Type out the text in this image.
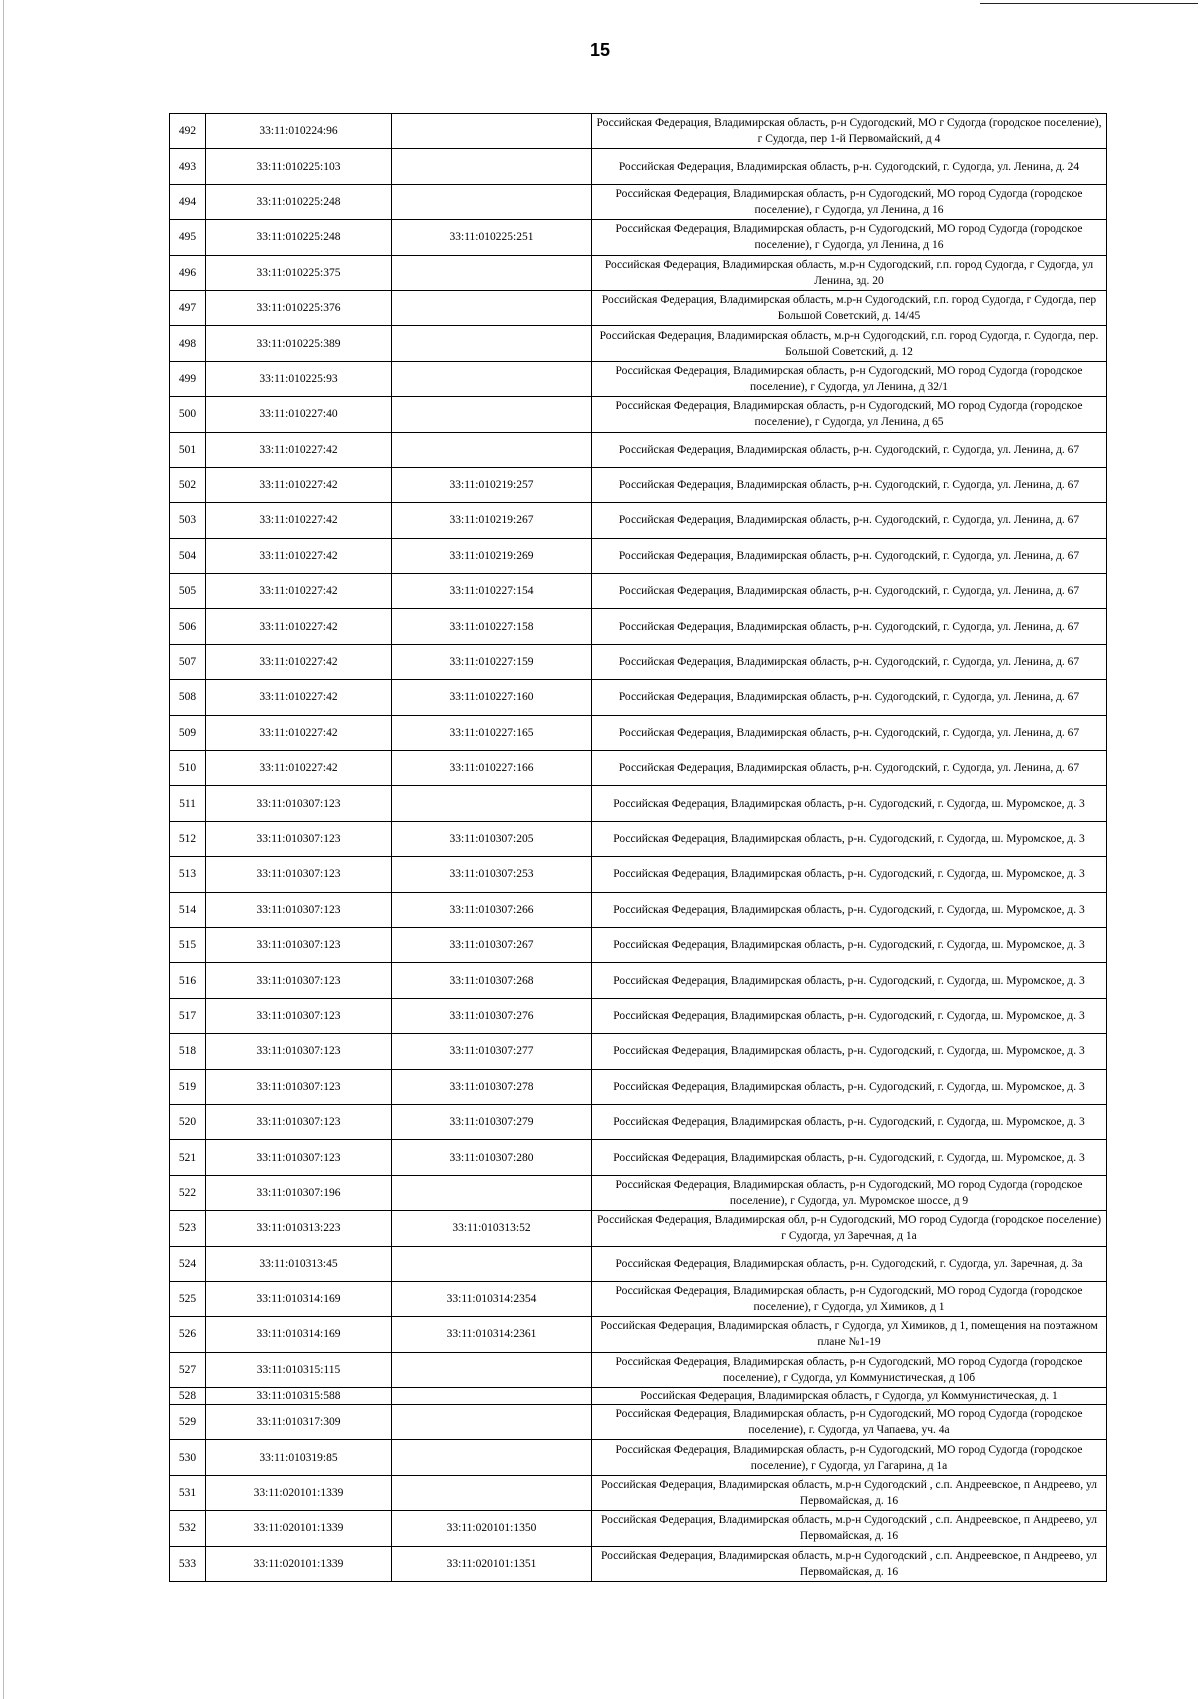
15
492	33:11:010224:96		Российская Федерация, Владимирская область, р-н Судогодский, МО г Судогда (городское поселение), г Судогда, пер 1-й Первомайский, д 4
493	33:11:010225:103		Российская Федерация, Владимирская область, р-н. Судогодский, г. Судогда, ул. Ленина, д. 24
494	33:11:010225:248		Российская Федерация, Владимирская область, р-н Судогодский, МО город Судогда (городское поселение), г Судогда, ул Ленина, д 16
495	33:11:010225:248	33:11:010225:251	Российская Федерация, Владимирская область, р-н Судогодский, МО город Судогда (городское поселение), г Судогда, ул Ленина, д 16
496	33:11:010225:375		Российская Федерация, Владимирская область, м.р-н Судогодский, г.п. город Судогда, г Судогда, ул Ленина, зд. 20
497	33:11:010225:376		Российская Федерация, Владимирская область, м.р-н Судогодский, г.п. город Судогда, г Судогда, пер Большой Советский, д. 14/45
498	33:11:010225:389		Российская Федерация, Владимирская область, м.р-н Судогодский, г.п. город Судогда, г. Судогда, пер. Большой Советский, д. 12
499	33:11:010225:93		Российская Федерация, Владимирская область, р-н Судогодский, МО город Судогда (городское поселение), г Судогда, ул Ленина, д 32/1
500	33:11:010227:40		Российская Федерация, Владимирская область, р-н Судогодский, МО город Судогда (городское поселение), г Судогда, ул Ленина, д 65
501	33:11:010227:42		Российская Федерация, Владимирская область, р-н. Судогодский, г. Судогда, ул. Ленина, д. 67
502	33:11:010227:42	33:11:010219:257	Российская Федерация, Владимирская область, р-н. Судогодский, г. Судогда, ул. Ленина, д. 67
503	33:11:010227:42	33:11:010219:267	Российская Федерация, Владимирская область, р-н. Судогодский, г. Судогда, ул. Ленина, д. 67
504	33:11:010227:42	33:11:010219:269	Российская Федерация, Владимирская область, р-н. Судогодский, г. Судогда, ул. Ленина, д. 67
505	33:11:010227:42	33:11:010227:154	Российская Федерация, Владимирская область, р-н. Судогодский, г. Судогда, ул. Ленина, д. 67
506	33:11:010227:42	33:11:010227:158	Российская Федерация, Владимирская область, р-н. Судогодский, г. Судогда, ул. Ленина, д. 67
507	33:11:010227:42	33:11:010227:159	Российская Федерация, Владимирская область, р-н. Судогодский, г. Судогда, ул. Ленина, д. 67
508	33:11:010227:42	33:11:010227:160	Российская Федерация, Владимирская область, р-н. Судогодский, г. Судогда, ул. Ленина, д. 67
509	33:11:010227:42	33:11:010227:165	Российская Федерация, Владимирская область, р-н. Судогодский, г. Судогда, ул. Ленина, д. 67
510	33:11:010227:42	33:11:010227:166	Российская Федерация, Владимирская область, р-н. Судогодский, г. Судогда, ул. Ленина, д. 67
511	33:11:010307:123		Российская Федерация, Владимирская область, р-н. Судогодский, г. Судогда, ш. Муромское, д. 3
512	33:11:010307:123	33:11:010307:205	Российская Федерация, Владимирская область, р-н. Судогодский, г. Судогда, ш. Муромское, д. 3
513	33:11:010307:123	33:11:010307:253	Российская Федерация, Владимирская область, р-н. Судогодский, г. Судогда, ш. Муромское, д. 3
514	33:11:010307:123	33:11:010307:266	Российская Федерация, Владимирская область, р-н. Судогодский, г. Судогда, ш. Муромское, д. 3
515	33:11:010307:123	33:11:010307:267	Российская Федерация, Владимирская область, р-н. Судогодский, г. Судогда, ш. Муромское, д. 3
516	33:11:010307:123	33:11:010307:268	Российская Федерация, Владимирская область, р-н. Судогодский, г. Судогда, ш. Муромское, д. 3
517	33:11:010307:123	33:11:010307:276	Российская Федерация, Владимирская область, р-н. Судогодский, г. Судогда, ш. Муромское, д. 3
518	33:11:010307:123	33:11:010307:277	Российская Федерация, Владимирская область, р-н. Судогодский, г. Судогда, ш. Муромское, д. 3
519	33:11:010307:123	33:11:010307:278	Российская Федерация, Владимирская область, р-н. Судогодский, г. Судогда, ш. Муромское, д. 3
520	33:11:010307:123	33:11:010307:279	Российская Федерация, Владимирская область, р-н. Судогодский, г. Судогда, ш. Муромское, д. 3
521	33:11:010307:123	33:11:010307:280	Российская Федерация, Владимирская область, р-н. Судогодский, г. Судогда, ш. Муромское, д. 3
522	33:11:010307:196		Российская Федерация, Владимирская область, р-н Судогодский, МО город Судогда (городское поселение), г Судогда, ул. Муромское шоссе, д 9
523	33:11:010313:223	33:11:010313:52	Российская Федерация, Владимирская обл, р-н Судогодский, МО город Судогда (городское поселение) г Судогда, ул Заречная, д 1а
524	33:11:010313:45		Российская Федерация, Владимирская область, р-н. Судогодский, г. Судогда, ул. Заречная, д. 3а
525	33:11:010314:169	33:11:010314:2354	Российская Федерация, Владимирская область, р-н Судогодский, МО город Судогда (городское поселение), г Судогда, ул Химиков, д 1
526	33:11:010314:169	33:11:010314:2361	Российская Федерация, Владимирская область, г Судогда, ул Химиков, д 1, помещения на поэтажном плане №1-19
527	33:11:010315:115		Российская Федерация, Владимирская область, р-н Судогодский, МО город Судогда (городское поселение), г Судогда, ул Коммунистическая, д 10б
528	33:11:010315:588		Российская Федерация, Владимирская область, г Судогда, ул Коммунистическая, д. 1
529	33:11:010317:309		Российская Федерация, Владимирская область, р-н Судогодский, МО город Судогда (городское поселение), г. Судогда, ул Чапаева, уч. 4а
530	33:11:010319:85		Российская Федерация, Владимирская область, р-н Судогодский, МО город Судогда (городское поселение), г Судогда, ул Гагарина, д 1а
531	33:11:020101:1339		Российская Федерация, Владимирская область, м.р-н Судогодский , с.п. Андреевское, п Андреево, ул Первомайская, д. 16
532	33:11:020101:1339	33:11:020101:1350	Российская Федерация, Владимирская область, м.р-н Судогодский , с.п. Андреевское, п Андреево, ул Первомайская, д. 16
533	33:11:020101:1339	33:11:020101:1351	Российская Федерация, Владимирская область, м.р-н Судогодский , с.п. Андреевское, п Андреево, ул Первомайская, д. 16
